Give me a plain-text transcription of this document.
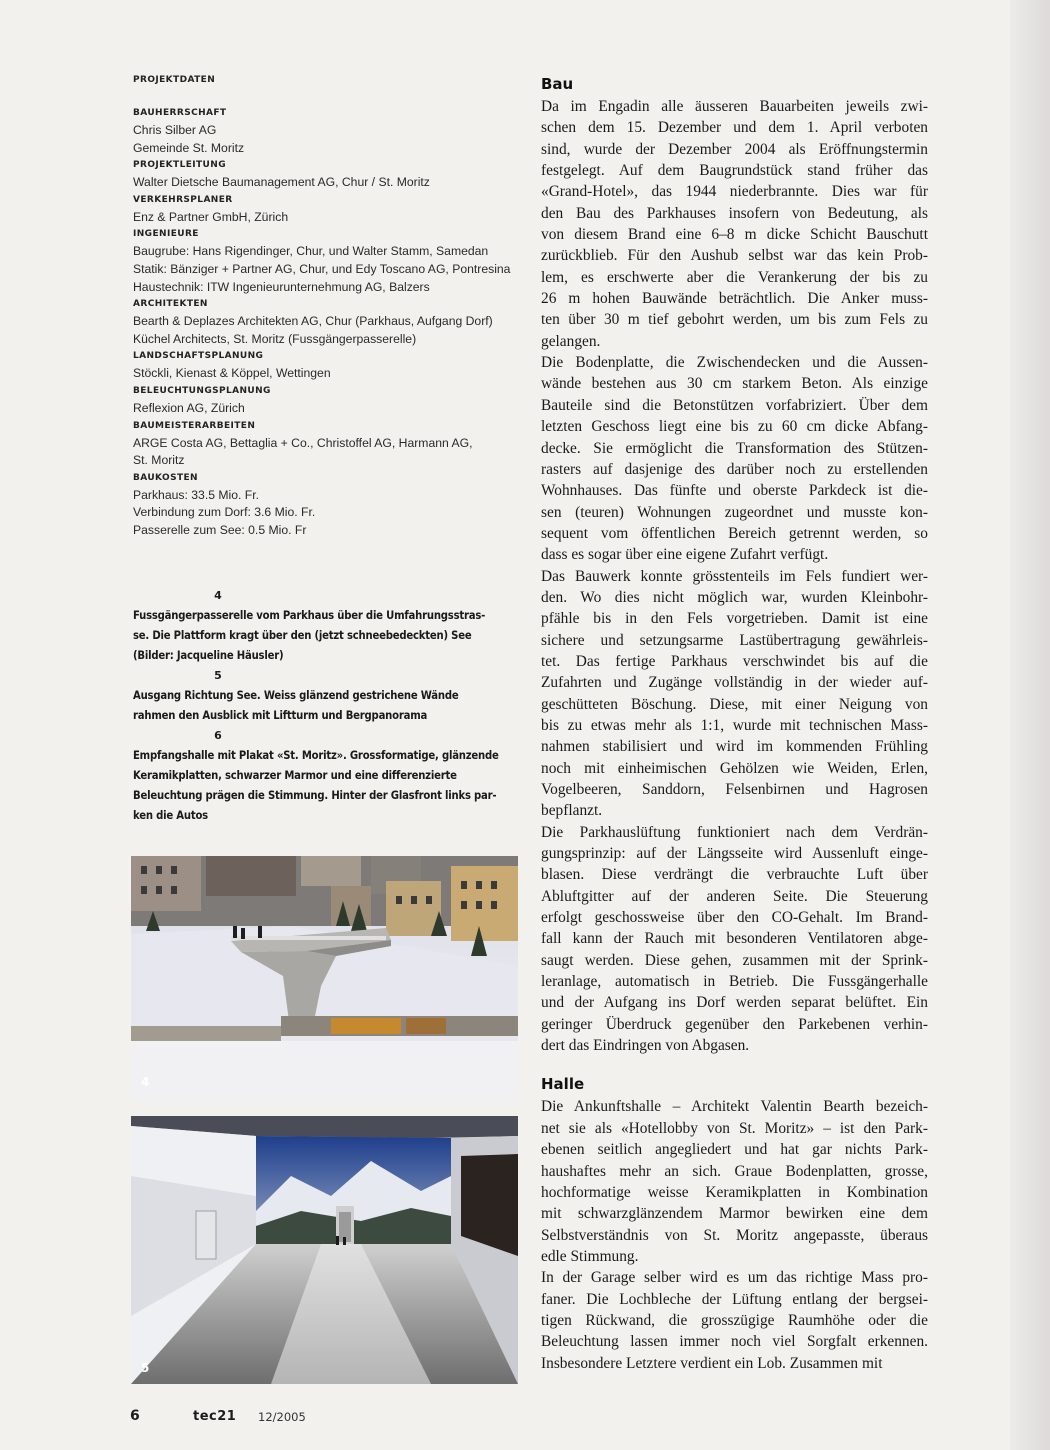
PROJEKTDATEN
BAUHERRSCHAFT
Chris Silber AG
Gemeinde St. Moritz
PROJEKTLEITUNG
Walter Dietsche Baumanagement AG, Chur / St. Moritz
VERKEHRSPLANER
Enz & Partner GmbH, Zürich
INGENIEURE
Baugrube: Hans Rigendinger, Chur, und Walter Stamm, Samedan
Statik: Bänziger + Partner AG, Chur, und Edy Toscano AG, Pontresina
Haustechnik: ITW Ingenieurunternehmung AG, Balzers
ARCHITEKTEN
Bearth & Deplazes Architekten AG, Chur (Parkhaus, Aufgang Dorf)
Küchel Architects, St. Moritz (Fussgängerpasserelle)
LANDSCHAFTSPLANUNG
Stöckli, Kienast & Köppel, Wettingen
BELEUCHTUNGSPLANUNG
Reflexion AG, Zürich
BAUMEISTERARBEITEN
ARGE Costa AG, Bettaglia + Co., Christoffel AG, Harmann AG,
St. Moritz
BAUKOSTEN
Parkhaus: 33.5 Mio. Fr.
Verbindung zum Dorf: 3.6 Mio. Fr.
Passerelle zum See: 0.5 Mio. Fr
4
Fussgängerpasserelle vom Parkhaus über die Umfahrungsstras-
se. Die Plattform kragt über den (jetzt schneebedeckten) See
(Bilder: Jacqueline Häusler)
5
Ausgang Richtung See. Weiss glänzend gestrichene Wände
rahmen den Ausblick mit Liftturm und Bergpanorama
6
Empfangshalle mit Plakat «St. Moritz». Grossformatige, glänzende
Keramikplatten, schwarzer Marmor und eine differenzierte
Beleuchtung prägen die Stimmung. Hinter der Glasfront links par-
ken die Autos
4
5
Bau

Da im Engadin alle äusseren Bauarbeiten jeweils zwi-
schen dem 15. Dezember und dem 1. April verboten
sind, wurde der Dezember 2004 als Eröffnungstermin
festgelegt. Auf dem Baugrundstück stand früher das
«Grand-Hotel», das 1944 niederbrannte. Dies war für
den Bau des Parkhauses insofern von Bedeutung, als
von diesem Brand eine 6–8 m dicke Schicht Bauschutt
zurückblieb. Für den Aushub selbst war das kein Prob-
lem, es erschwerte aber die Verankerung der bis zu
26 m hohen Bauwände beträchtlich. Die Anker muss-
ten über 30 m tief gebohrt werden, um bis zum Fels zu
gelangen.

Die Bodenplatte, die Zwischendecken und die Aussen-
wände bestehen aus 30 cm starkem Beton. Als einzige
Bauteile sind die Betonstützen vorfabriziert. Über dem
letzten Geschoss liegt eine bis zu 60 cm dicke Abfang-
decke. Sie ermöglicht die Transformation des Stützen-
rasters auf dasjenige des darüber noch zu erstellenden
Wohnhauses. Das fünfte und oberste Parkdeck ist die-
sen (teuren) Wohnungen zugeordnet und musste kon-
sequent vom öffentlichen Bereich getrennt werden, so
dass es sogar über eine eigene Zufahrt verfügt.

Das Bauwerk konnte grösstenteils im Fels fundiert wer-
den. Wo dies nicht möglich war, wurden Kleinbohr-
pfähle bis in den Fels vorgetrieben. Damit ist eine
sichere und setzungsarme Lastübertragung gewährleis-
tet. Das fertige Parkhaus verschwindet bis auf die
Zufahrten und Zugänge vollständig in der wieder auf-
geschütteten Böschung. Diese, mit einer Neigung von
bis zu etwas mehr als 1:1, wurde mit technischen Mass-
nahmen stabilisiert und wird im kommenden Frühling
noch mit einheimischen Gehölzen wie Weiden, Erlen,
Vogelbeeren, Sanddorn, Felsenbirnen und Hagrosen
bepflanzt.

Die Parkhauslüftung funktioniert nach dem Verdrän-
gungsprinzip: auf der Längsseite wird Aussenluft einge-
blasen. Diese verdrängt die verbrauchte Luft über
Abluftgitter auf der anderen Seite. Die Steuerung
erfolgt geschossweise über den CO-Gehalt. Im Brand-
fall kann der Rauch mit besonderen Ventilatoren abge-
saugt werden. Diese gehen, zusammen mit der Sprink-
leranlage, automatisch in Betrieb. Die Fussgängerhalle
und der Aufgang ins Dorf werden separat belüftet. Ein
geringer Überdruck gegenüber den Parkebenen verhin-
dert das Eindringen von Abgasen.

Halle

Die Ankunftshalle – Architekt Valentin Bearth bezeich-
net sie als «Hotellobby von St. Moritz» – ist den Park-
ebenen seitlich angegliedert und hat gar nichts Park-
haushaftes mehr an sich. Graue Bodenplatten, grosse,
hochformatige weisse Keramikplatten in Kombination
mit schwarzglänzendem Marmor bewirken eine dem
Selbstverständnis von St. Moritz angepasste, überaus
edle Stimmung.

In der Garage selber wird es um das richtige Mass pro-
faner. Die Lochbleche der Lüftung entlang der bergsei-
tigen Rückwand, die grosszügige Raumhöhe oder die
Beleuchtung lassen immer noch viel Sorgfalt erkennen.
Insbesondere Letztere verdient ein Lob. Zusammen mit

6	tec21 12/2005
